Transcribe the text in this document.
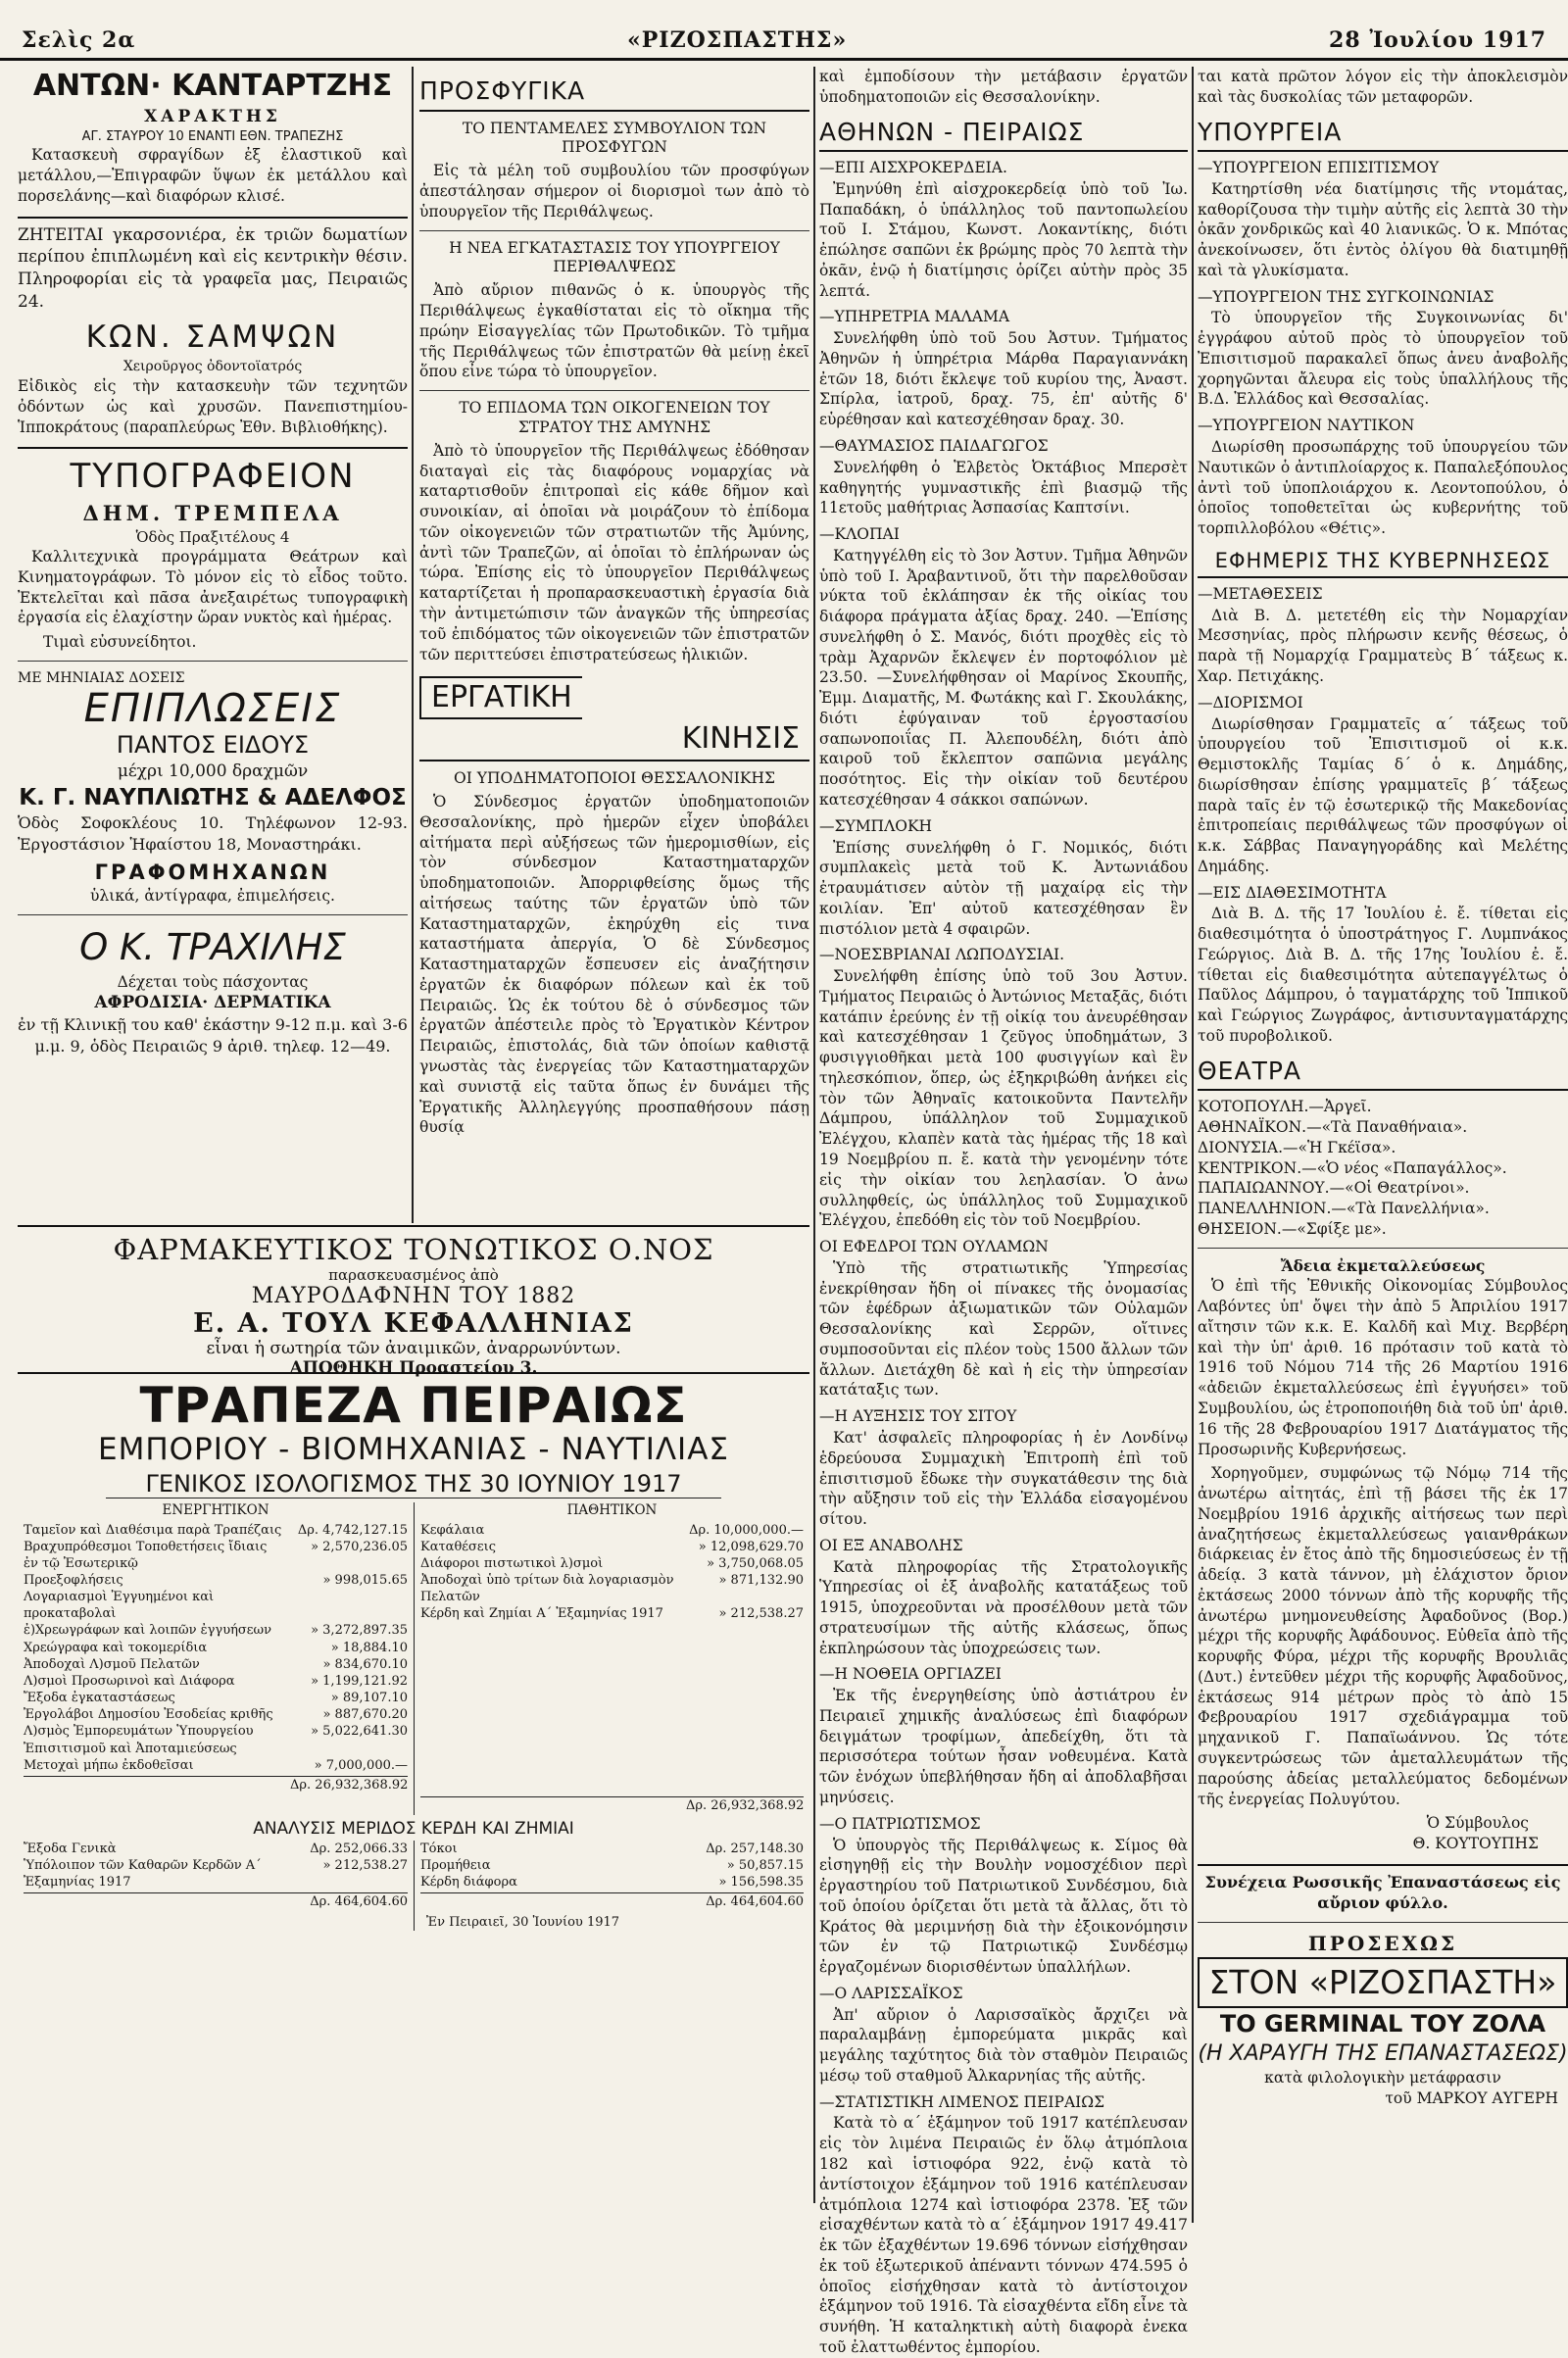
Σελὶς 2α	«ΡΙΖΟΣΠΑΣΤΗΣ»	28 Ἰουλίου 1917
ΑΝΤΩΝ· ΚΑΝΤΑΡΤΖΗΣ
ΧΑΡΑΚΤΗΣ
ΑΓ. ΣΤΑΥΡΟΥ 10 ΕΝΑΝΤΙ ΕΘΝ. ΤΡΑΠΕΖΗΣ

Κατασκευὴ σφραγίδων ἐξ ἐλαστικοῦ καὶ μετάλλου,—Ἐπιγραφῶν ὕψων ἐκ μετάλλου καὶ πορσελάνης—καὶ διαφόρων κλισέ.

ΖΗΤΕΙΤΑΙ γκαρσονιέρα, ἐκ τριῶν δωματίων περίπου ἐπιπλωμένη καὶ εἰς κεντρικὴν θέσιν. Πληροφορίαι εἰς τὰ γραφεῖα μας, Πειραιῶς 24.

ΚΩΝ. ΣΑΜΨΩΝ
Χειροῦργος ὀδοντοϊατρός

Εἰδικὸς εἰς τὴν κατασκευὴν τῶν τεχνητῶν ὀδόντων ὡς καὶ χρυσῶν. Πανεπιστημίου-Ἱπποκράτους (παραπλεύρως Ἐθν. Βιβλιοθήκης).

ΤΥΠΟΓΡΑΦΕΙΟΝ
ΔΗΜ. ΤΡΕΜΠΕΛΑ
Ὁδὸς Πραξιτέλους 4

Καλλιτεχνικὰ προγράμματα Θεάτρων καὶ Κινηματογράφων. Τὸ μόνον εἰς τὸ εἶδος τοῦτο. Ἐκτελεῖται καὶ πᾶσα ἀνεξαιρέτως τυπογραφικὴ ἐργασία εἰς ἐλαχίστην ὥραν νυκτὸς καὶ ἡμέρας.

Τιμαὶ εὐσυνείδητοι.

ΜΕ ΜΗΝΙΑΙΑΣ ΔΟΣΕΙΣ
ΕΠΙΠΛΩΣΕΙΣ
ΠΑΝΤΟΣ ΕΙΔΟΥΣ
μέχρι 10,000 δραχμῶν
Κ. Γ. ΝΑΥΠΛΙΩΤΗΣ & ΑΔΕΛΦΟΣ

Ὁδὸς Σοφοκλέους 10. Τηλέφωνον 12-93. Ἐργοστάσιον Ἡφαίστου 18, Μοναστηράκι.

ΓΡΑΦΟΜΗΧΑΝΩΝ
ὑλικά, ἀντίγραφα, ἐπιμελήσεις.
Ο Κ. ΤΡΑΧΙΛΗΣ
Δέχεται τοὺς πάσχοντας
ΑΦΡΟΔΙΣΙΑ· ΔΕΡΜΑΤΙΚΑ
ἐν τῇ Κλινικῇ του καθ' ἑκάστην 9-12 π.μ. καὶ 3-6 μ.μ. 9, ὁδὸς Πειραιῶς 9 ἀριθ. τηλεφ. 12—49.
ΠΡΟΣΦΥΓΙΚΑ
ΤΟ ΠΕΝΤΑΜΕΛΕΣ ΣΥΜΒΟΥΛΙΟΝ ΤΩΝ ΠΡΟΣΦΥΓΩΝ

Εἰς τὰ μέλη τοῦ συμβουλίου τῶν προσφύγων ἀπεστάλησαν σήμερον οἱ διορισμοὶ των ἀπὸ τὸ ὑπουργεῖον τῆς Περιθάλψεως.

Η ΝΕΑ ΕΓΚΑΤΑΣΤΑΣΙΣ ΤΟΥ ΥΠΟΥΡΓΕΙΟΥ ΠΕΡΙΘΑΛΨΕΩΣ

Ἀπὸ αὔριον πιθανῶς ὁ κ. ὑπουργὸς τῆς Περιθάλψεως ἐγκαθίσταται εἰς τὸ οἴκημα τῆς πρώην Εἰσαγγελίας τῶν Πρωτοδικῶν. Τὸ τμῆμα τῆς Περιθάλψεως τῶν ἐπιστρατῶν θὰ μείνῃ ἐκεῖ ὅπου εἶνε τώρα τὸ ὑπουργεῖον.

ΤΟ ΕΠΙΔΟΜΑ ΤΩΝ ΟΙΚΟΓΕΝΕΙΩΝ ΤΟΥ ΣΤΡΑΤΟΥ ΤΗΣ ΑΜΥΝΗΣ

Ἀπὸ τὸ ὑπουργεῖον τῆς Περιθάλψεως ἐδόθησαν διαταγαὶ εἰς τὰς διαφόρους νομαρχίας νὰ καταρτισθοῦν ἐπιτροπαὶ εἰς κάθε δῆμον καὶ συνοικίαν, αἱ ὁποῖαι νὰ μοιράζουν τὸ ἐπίδομα τῶν οἰκογενειῶν τῶν στρατιωτῶν τῆς Ἀμύνης, ἀντὶ τῶν Τραπεζῶν, αἱ ὁποῖαι τὸ ἐπλήρωναν ὡς τώρα. Ἐπίσης εἰς τὸ ὑπουργεῖον Περιθάλψεως καταρτίζεται ἡ προπαρασκευαστικὴ ἐργασία διὰ τὴν ἀντιμετώπισιν τῶν ἀναγκῶν τῆς ὑπηρεσίας τοῦ ἐπιδόματος τῶν οἰκογενειῶν τῶν ἐπιστρατῶν τῶν περιττεύσει ἐπιστρατεύσεως ἡλικιῶν.

ΕΡΓΑΤΙΚΗ
ΚΙΝΗΣΙΣ
ΟΙ ΥΠΟΔΗΜΑΤΟΠΟΙΟΙ ΘΕΣΣΑΛΟΝΙΚΗΣ

Ὁ Σύνδεσμος ἐργατῶν ὑποδηματοποιῶν Θεσσαλονίκης, πρὸ ἡμερῶν εἶχεν ὑποβάλει αἰτήματα περὶ αὐξήσεως τῶν ἡμερομισθίων, εἰς τὸν σύνδεσμον Καταστηματαρχῶν ὑποδηματοποιῶν. Ἀπορριφθείσης ὅμως τῆς αἰτήσεως ταύτης τῶν ἐργατῶν ὑπὸ τῶν Καταστηματαρχῶν, ἐκηρύχθη εἰς τινα καταστήματα ἀπεργία, Ὁ δὲ Σύνδεσμος Καταστηματαρχῶν ἔσπευσεν εἰς ἀναζήτησιν ἐργατῶν ἐκ διαφόρων πόλεων καὶ ἐκ τοῦ Πειραιῶς. Ὡς ἐκ τούτου δὲ ὁ σύνδεσμος τῶν ἐργατῶν ἀπέστειλε πρὸς τὸ Ἐργατικὸν Κέντρον Πειραιῶς, ἐπιστολάς, διὰ τῶν ὁποίων καθιστᾷ γνωστὰς τὰς ἐνεργείας τῶν Καταστηματαρχῶν καὶ συνιστᾷ εἰς ταῦτα ὅπως ἐν δυνάμει τῆς Ἐργατικῆς Ἀλληλεγγύης προσπαθήσουν πάσῃ θυσίᾳ

ΦΑΡΜΑΚΕΥΤΙΚΟΣ ΤΟΝΩΤΙΚΟΣ Ο.ΝΟΣ
παρασκευασμένος ἀπὸ
ΜΑΥΡΟΔΑΦΝΗΝ ΤΟΥ 1882
Ε. Α. ΤΟΥΛ ΚΕΦΑΛΛΗΝΙΑΣ
εἶναι ἡ σωτηρία τῶν ἀναιμικῶν, ἀναρρωνύντων.
ΑΠΟΘΗΚΗ Προαστείου 3.
ΤΡΑΠΕΖΑ ΠΕΙΡΑΙΩΣ
ΕΜΠΟΡΙΟΥ - ΒΙΟΜΗΧΑΝΙΑΣ - ΝΑΥΤΙΛΙΑΣ
ΓΕΝΙΚΟΣ ΙΣΟΛΟΓΙΣΜΟΣ ΤΗΣ 30 ΙΟΥΝΙΟΥ 1917
ΕΝΕΡΓΗΤΙΚΟΝ
Ταμεῖον καὶ Διαθέσιμα παρὰ Τραπέζαις	Δρ. 4,742,127.15
Βραχυπρόθεσμοι Τοποθετήσεις ἴδιαις ἐν τῷ Ἐσωτερικῷ
» 2,570,236.05
Προεξοφλήσεις	» 998,015.65
Λογαριασμοὶ Ἐγγυημένοι καὶ προκαταβολαὶ
ἐ)Χρεωγράφων καὶ λοιπῶν ἐγγυήσεων	» 3,272,897.35
Χρεώγραφα καὶ τοκομερίδια	» 18,884.10
Ἀποδοχαὶ Λ)σμοῦ Πελατῶν	» 834,670.10
Λ)σμοὶ Προσωρινοὶ καὶ Διάφορα	» 1,199,121.92
Ἔξοδα ἐγκαταστάσεως	» 89,107.10
Ἐργολάβοι Δημοσίου Ἐσοδείας κριθῆς	» 887,670.20
Λ)σμὸς Ἐμπορευμάτων Ὑπουργείου Ἐπισιτισμοῦ καὶ Ἀποταμιεύσεως
» 5,022,641.30
Μετοχαὶ μήπω ἐκδοθεῖσαι	» 7,000,000.—
Δρ. 26,932,368.92
ΠΑΘΗΤΙΚΟΝ
Κεφάλαια	Δρ. 10,000,000.—
Καταθέσεις	» 12,098,629.70
Διάφοροι πιστωτικοὶ λ)σμοὶ	» 3,750,068.05
Ἀποδοχαὶ ὑπὸ τρίτων διὰ λογαριασμὸν Πελατῶν
» 871,132.90
Κέρδη καὶ Ζημίαι Α΄ Ἐξαμηνίας 1917	» 212,538.27
Δρ. 26,932,368.92
ΑΝΑΛΥΣΙΣ ΜΕΡΙΔΟΣ ΚΕΡΔΗ ΚΑΙ ΖΗΜΙΑΙ
Ἔξοδα Γενικὰ	Δρ. 252,066.33
Ὑπόλοιπον τῶν Καθαρῶν Κερδῶν Α΄ Ἐξαμηνίας 1917
» 212,538.27
Δρ. 464,604.60
Τόκοι	Δρ. 257,148.30
Προμήθεια	» 50,857.15
Κέρδη διάφορα	» 156,598.35
Δρ. 464,604.60
Ἐν Πειραιεῖ, 30 Ἰουνίου 1917

καὶ ἐμποδίσουν τὴν μετάβασιν ἐργατῶν ὑποδηματοποιῶν εἰς Θεσσαλονίκην.

ΑΘΗΝΩΝ - ΠΕΙΡΑΙΩΣ
—ΕΠΙ ΑΙΣΧΡΟΚΕΡΔΕΙΑ.

Ἐμηνύθη ἐπὶ αἰσχροκερδείᾳ ὑπὸ τοῦ Ἰω. Παπαδάκη, ὁ ὑπάλληλος τοῦ παντοπωλείου τοῦ Ι. Στάμου, Κωνστ. Λοκαντίκης, διότι ἐπώλησε σαπῶνι ἐκ βρώμης πρὸς 70 λεπτὰ τὴν ὀκᾶν, ἐνῷ ἡ διατίμησις ὁρίζει αὐτὴν πρὸς 35 λεπτά.

—ΥΠΗΡΕΤΡΙΑ ΜΑΛΑΜΑ

Συνελήφθη ὑπὸ τοῦ 5ου Ἀστυν. Τμήματος Ἀθηνῶν ἡ ὑπηρέτρια Μάρθα Παραγιαννάκη ἐτῶν 18, διότι ἔκλεψε τοῦ κυρίου της, Ἀναστ. Σπίρλα, ἰατροῦ, δραχ. 75, ἐπ' αὐτῆς δ' εὑρέθησαν καὶ κατεσχέθησαν δραχ. 30.

—ΘΑΥΜΑΣΙΟΣ ΠΑΙΔΑΓΩΓΟΣ

Συνελήφθη ὁ Ἑλβετὸς Ὀκτάβιος Μπερσὲτ καθηγητής γυμναστικῆς ἐπὶ βιασμῷ τῆς 11ετοῦς μαθήτριας Ἀσπασίας Καπτσίνι.

—ΚΛΟΠΑΙ

Κατηγγέλθη εἰς τὸ 3ον Ἀστυν. Τμῆμα Ἀθηνῶν ὑπὸ τοῦ Ι. Ἀραβαντινοῦ, ὅτι τὴν παρελθοῦσαν νύκτα τοῦ ἐκλάπησαν ἐκ τῆς οἰκίας του διάφορα πράγματα ἀξίας δραχ. 240. —Ἐπίσης συνελήφθη ὁ Σ. Μανός, διότι προχθὲς εἰς τὸ τρὰμ Ἀχαρνῶν ἔκλεψεν ἐν πορτοφόλιον μὲ 23.50. —Συνελήφθησαν οἱ Μαρίνος Σκουπῆς, Ἐμμ. Διαματῆς, Μ. Φωτάκης καὶ Γ. Σκουλάκης, διότι ἐφύγαιναν τοῦ ἐργοστασίου σαπωνοποιΐας Π. Ἀλεπουδέλη, διότι ἀπὸ καιροῦ τοῦ ἔκλεπτον σαπῶνια μεγάλης ποσότητος. Εἰς τὴν οἰκίαν τοῦ δευτέρου κατεσχέθησαν 4 σάκκοι σαπώνων.

—ΣΥΜΠΛΟΚΗ

Ἐπίσης συνελήφθη ὁ Γ. Νομικός, διότι συμπλακεὶς μετὰ τοῦ Κ. Ἀντωνιάδου ἐτραυμάτισεν αὐτὸν τῇ μαχαίρᾳ εἰς τὴν κοιλίαν. Ἐπ' αὐτοῦ κατεσχέθησαν ἓν πιστόλιον μετὰ 4 σφαιρῶν.

—ΝΟΕΣΒΡΙΑΝΑΙ ΛΩΠΟΔΥΣΙΑΙ.

Συνελήφθη ἐπίσης ὑπὸ τοῦ 3ου Ἀστυν. Τμήματος Πειραιῶς ὁ Ἀντώνιος Μεταξᾶς, διότι κατάπιν ἐρεύνης ἐν τῇ οἰκίᾳ του ἀνευρέθησαν καὶ κατεσχέθησαν 1 ζεῦγος ὑποδημάτων, 3 φυσιγγιοθῆκαι μετὰ 100 φυσιγγίων καὶ ἓν τηλεσκόπιον, ὅπερ, ὡς ἐξηκριβώθη ἀνήκει εἰς τὸν τῶν Ἀθηναῖς κατοικοῦντα Παντελῆν Δάμπρου, ὑπάλληλον τοῦ Συμμαχικοῦ Ἐλέγχου, κλαπὲν κατὰ τὰς ἡμέρας τῆς 18 καὶ 19 Νοεμβρίου π. ἔ. κατὰ τὴν γενομένην τότε εἰς τὴν οἰκίαν του λεηλασίαν. Ὁ ἀνω συλληφθείς, ὡς ὑπάλληλος τοῦ Συμμαχικοῦ Ἐλέγχου, ἐπεδόθη εἰς τὸν τοῦ Νοεμβρίου.

ΟΙ ΕΦΕΔΡΟΙ ΤΩΝ ΟΥΛΑΜΩΝ

Ὑπὸ τῆς στρατιωτικῆς Ὑπηρεσίας ἐνεκρίθησαν ἤδη οἱ πίνακες τῆς ὀνομασίας τῶν ἐφέδρων ἀξιωματικῶν τῶν Οὐλαμῶν Θεσσαλονίκης καὶ Σερρῶν, οἵτινες συμποσοῦνται εἰς πλέον τοὺς 1500 ἄλλων τῶν ἄλλων. Διετάχθη δὲ καὶ ἡ εἰς τὴν ὑπηρεσίαν κατάταξις των.

—Η ΑΥΞΗΣΙΣ ΤΟΥ ΣΙΤΟΥ

Κατ' ἀσφαλεῖς πληροφορίας ἡ ἐν Λονδίνῳ ἑδρεύουσα Συμμαχικὴ Ἐπιτροπὴ ἐπὶ τοῦ ἐπισιτισμοῦ ἔδωκε τὴν συγκατάθεσιν της διὰ τὴν αὔξησιν τοῦ εἰς τὴν Ἑλλάδα εἰσαγομένου σίτου.

ΟΙ ΕΞ ΑΝΑΒΟΛΗΣ

Κατὰ πληροφορίας τῆς Στρατολογικῆς Ὑπηρεσίας οἱ ἐξ ἀναβολῆς κατατάξεως τοῦ 1915, ὑποχρεοῦνται νὰ προσέλθουν μετὰ τῶν στρατευσίμων τῆς αὐτῆς κλάσεως, ὅπως ἐκπληρώσουν τὰς ὑποχρεώσεις των.

—Η ΝΟΘΕΙΑ ΟΡΓΙΑΖΕΙ

Ἐκ τῆς ἐνεργηθείσης ὑπὸ ἀστιάτρου ἐν Πειραιεῖ χημικῆς ἀναλύσεως ἐπὶ διαφόρων δειγμάτων τροφίμων, ἀπεδείχθη, ὅτι τὰ περισσότερα τούτων ἦσαν νοθευμένα. Κατὰ τῶν ἐνόχων ὑπεβλήθησαν ἤδη αἱ ἀποδλαβῆσαι μηνύσεις.

—Ο ΠΑΤΡΙΩΤΙΣΜΟΣ

Ὁ ὑπουργὸς τῆς Περιθάλψεως κ. Σίμος θὰ εἰσηγηθῇ εἰς τὴν Βουλὴν νομοσχέδιον περὶ ἐργαστηρίου τοῦ Πατριωτικοῦ Συνδέσμου, διὰ τοῦ ὁποίου ὁρίζεται ὅτι μετὰ τὰ ἄλλας, ὅτι τὸ Κράτος θὰ μεριμνήσῃ διὰ τὴν ἐξοικονόμησιν τῶν ἐν τῷ Πατριωτικῷ Συνδέσμῳ ἐργαζομένων διορισθέντων ὑπαλλήλων.

—Ο ΛΑΡΙΣΣΑΪΚΟΣ

Ἀπ' αὔριον ὁ Λαρισσαϊκὸς ἄρχιζει νὰ παραλαμβάνῃ ἐμπορεύματα μικρᾶς καὶ μεγάλης ταχύτητος διὰ τὸν σταθμὸν Πειραιῶς μέσῳ τοῦ σταθμοῦ Ἀλκαρνηίας τῆς αὐτῆς.

—ΣΤΑΤΙΣΤΙΚΗ ΛΙΜΕΝΟΣ ΠΕΙΡΑΙΩΣ

Κατὰ τὸ α΄ ἑξάμηνον τοῦ 1917 κατέπλευσαν εἰς τὸν λιμένα Πειραιῶς ἐν ὅλῳ ἀτμόπλοια 182 καὶ ἱστιοφόρα 922, ἐνῷ κατὰ τὸ ἀντίστοιχον ἑξάμηνον τοῦ 1916 κατέπλευσαν ἀτμόπλοια 1274 καὶ ἱστιοφόρα 2378. Ἐξ τῶν εἰσαχθέντων κατὰ τὸ α΄ ἑξάμηνον 1917 49.417 ἐκ τῶν ἐξαχθέντων 19.696 τόννων εἰσήχθησαν ἐκ τοῦ ἐξωτερικοῦ ἀπέναντι τόννων 474.595 ὁ ὁποῖος εἰσήχθησαν κατὰ τὸ ἀντίστοιχον ἑξάμηνον τοῦ 1916. Τὰ εἰσαχθέντα εἴδη εἶνε τὰ συνήθη. Ἡ καταληκτικὴ αὐτὴ διαφορὰ ἐνεκα τοῦ ἐλαττωθέντος ἐμπορίου.

ται κατὰ πρῶτον λόγον εἰς τὴν ἀποκλεισμὸν καὶ τὰς δυσκολίας τῶν μεταφορῶν.

ΥΠΟΥΡΓΕΙΑ
—ΥΠΟΥΡΓΕΙΟΝ ΕΠΙΣΙΤΙΣΜΟΥ

Κατηρτίσθη νέα διατίμησις τῆς ντομάτας, καθορίζουσα τὴν τιμὴν αὐτῆς εἰς λεπτὰ 30 τὴν ὀκᾶν χονδρικῶς καὶ 40 λιανικῶς. Ὁ κ. Μπότας ἀνεκοίνωσεν, ὅτι ἐντὸς ὀλίγου θὰ διατιμηθῇ καὶ τὰ γλυκίσματα.

—ΥΠΟΥΡΓΕΙΟΝ ΤΗΣ ΣΥΓΚΟΙΝΩΝΙΑΣ

Τὸ ὑπουργεῖον τῆς Συγκοινωνίας δι' ἐγγράφου αὐτοῦ πρὸς τὸ ὑπουργεῖον τοῦ Ἐπισιτισμοῦ παρακαλεῖ ὅπως ἀνευ ἀναβολῆς χορηγῶνται ἄλευρα εἰς τοὺς ὑπαλλήλους τῆς Β.Δ. Ἑλλάδος καὶ Θεσσαλίας.

—ΥΠΟΥΡΓΕΙΟΝ ΝΑΥΤΙΚΟΝ

Διωρίσθη προσωπάρχης τοῦ ὑπουργείου τῶν Ναυτικῶν ὁ ἀντιπλοίαρχος κ. Παπαλεξόπουλος ἀντὶ τοῦ ὑποπλοιάρχου κ. Λεοντοπούλου, ὁ ὁποῖος τοποθετεῖται ὡς κυβερνήτης τοῦ τορπιλλοβόλου «Θέτις».

ΕΦΗΜΕΡΙΣ ΤΗΣ ΚΥΒΕΡΝΗΣΕΩΣ
—ΜΕΤΑΘΕΣΕΙΣ

Διὰ Β. Δ. μετετέθη εἰς τὴν Νομαρχίαν Μεσσηνίας, πρὸς πλήρωσιν κενῆς θέσεως, ὁ παρὰ τῇ Νομαρχίᾳ Γραμματεὺς Β΄ τάξεως κ. Χαρ. Πετιχάκης.

—ΔΙΟΡΙΣΜΟΙ

Διωρίσθησαν Γραμματεῖς α΄ τάξεως τοῦ ὑπουργείου τοῦ Ἐπισιτισμοῦ οἱ κ.κ. Θεμιστοκλῆς Ταμίας δ΄ ὁ κ. Δημάδης, διωρίσθησαν ἐπίσης γραμματεῖς β΄ τάξεως παρὰ ταῖς ἐν τῷ ἐσωτερικῷ τῆς Μακεδονίας ἐπιτροπείαις περιθάλψεως τῶν προσφύγων οἱ κ.κ. Σάββας Παναγηγοράδης καὶ Μελέτης Δημάδης.

—ΕΙΣ ΔΙΑΘΕΣΙΜΟΤΗΤΑ

Διὰ Β. Δ. τῆς 17 Ἰουλίου ἐ. ἔ. τίθεται εἰς διαθεσιμότητα ὁ ὑποστράτηγος Γ. Λυμπνάκος Γεώργιος. Διὰ Β. Δ. τῆς 17ης Ἰουλίου ἐ. ἔ. τίθεται εἰς διαθεσιμότητα αὐτεπαγγέλτως ὁ Παῦλος Δάμπρου, ὁ ταγματάρχης τοῦ Ἱππικοῦ καὶ Γεώργιος Ζωγράφος, ἀντισυνταγματάρχης τοῦ πυροβολικοῦ.

ΘΕΑΤΡΑ
ΚΟΤΟΠΟΥΛΗ.—Ἀργεῖ.
ΑΘΗΝΑΪΚΟΝ.—«Τὰ Παναθήναια».
ΔΙΟΝΥΣΙΑ.—«Ἡ Γκέϊσα».
ΚΕΝΤΡΙΚΟΝ.—«Ὁ νέος «Παπαγάλλος».
ΠΑΠΑΙΩΑΝΝΟΥ.—«Οἱ Θεατρίνοι».
ΠΑΝΕΛΛΗΝΙΟΝ.—«Τὰ Πανελλήνια».
ΘΗΣΕΙΟΝ.—«Σφίξε με».
Ἄδεια ἐκμεταλλεύσεως

Ὁ ἐπὶ τῆς Ἐθνικῆς Οἰκονομίας Σύμβουλος Λαβόντες ὑπ' ὄψει τὴν ἀπὸ 5 Ἀπριλίου 1917 αἴτησιν τῶν κ.κ. Ε. Καλδῆ καὶ Μιχ. Βερβέρη καὶ τὴν ὑπ' ἀριθ. 16 πρότασιν τοῦ κατὰ τὸ 1916 τοῦ Νόμου 714 τῆς 26 Μαρτίου 1916 «ἀδειῶν ἐκμεταλλεύσεως ἐπὶ ἐγγυήσει» τοῦ Συμβουλίου, ὡς ἐτροποποιήθη διὰ τοῦ ὑπ' ἀριθ. 16 τῆς 28 Φεβρουαρίου 1917 Διατάγματος τῆς Προσωρινῆς Κυβερνήσεως.

Χορηγοῦμεν, συμφώνως τῷ Νόμῳ 714 τῆς ἀνωτέρω αἰτητάς, ἐπὶ τῇ βάσει τῆς ἐκ 17 Νοεμβρίου 1916 ἀρχικῆς αἰτήσεως των περὶ ἀναζητήσεως ἐκμεταλλεύσεως γαιανθράκων διάρκειας ἐν ἔτος ἀπὸ τῆς δημοσιεύσεως ἐν τῇ ἀδείᾳ. 3 κατὰ τάννον, μὴ ἐλάχιστον ὄριον ἐκτάσεως 2000 τόννων ἀπὸ τῆς κορυφῆς τῆς ἀνωτέρω μνημονευθείσης Ἀφαδοῦνος (Βορ.) μέχρι τῆς κορυφῆς Ἀφάδουνος. Εὐθεῖα ἀπὸ τῆς κορυφῆς Φύρα, μέχρι τῆς κορυφῆς Βρουλιᾶς (Δυτ.) ἐντεῦθεν μέχρι τῆς κορυφῆς Ἀφαδοῦνος, ἐκτάσεως 914 μέτρων πρὸς τὸ ἀπὸ 15 Φεβρουαρίου 1917 σχεδιάγραμμα τοῦ μηχανικοῦ Γ. Παπαϊωάννου. Ὡς τότε συγκεντρώσεως τῶν ἀμεταλλευμάτων τῆς παρούσης ἀδείας μεταλλεύματος δεδομένων τῆς ἐνεργείας Πολυγύτου.

Ὁ Σύμβουλος
Θ. ΚΟΥΤΟΥΠΗΣ
Συνέχεια Ρωσσικῆς Ἐπαναστάσεως εἰς αὔριον φύλλο.
ΠΡΟΣΕΧΩΣ
ΣΤΟΝ «ΡΙΖΟΣΠΑΣΤΗ»
ΤΟ GERMINAL ΤΟΥ ΖΟΛΑ
(Η ΧΑΡΑΥΓΗ ΤΗΣ ΕΠΑΝΑΣΤΑΣΕΩΣ)
κατὰ φιλολογικὴν μετάφρασιν
τοῦ ΜΑΡΚΟΥ ΑΥΓΕΡΗ
